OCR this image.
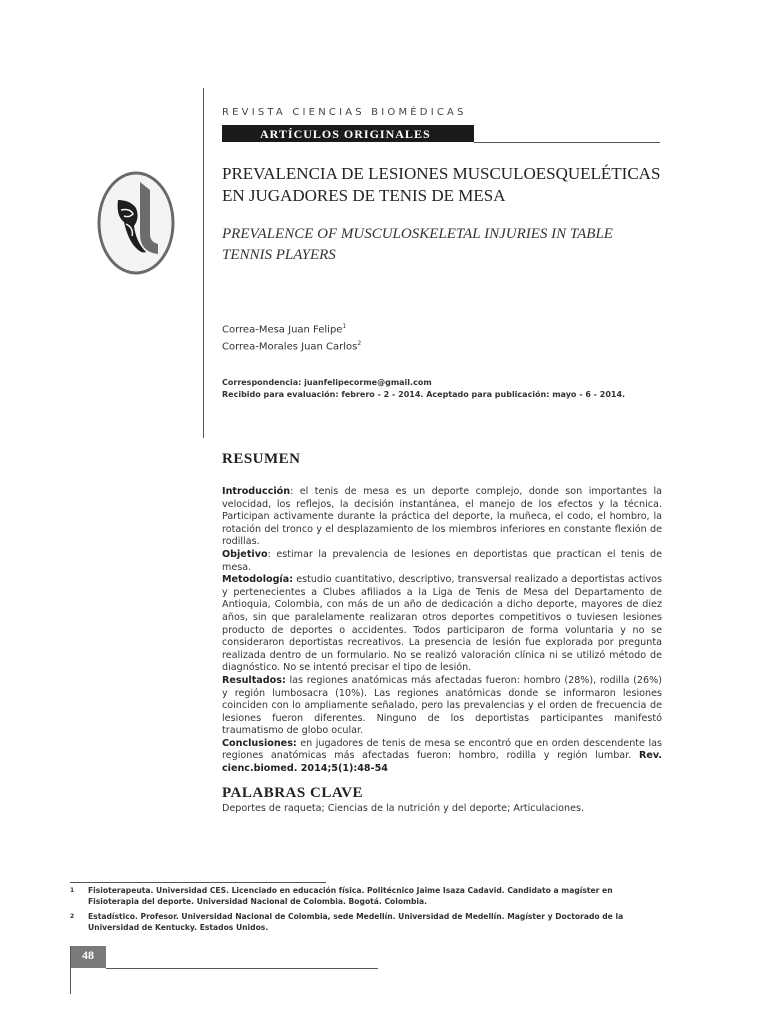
REVISTA CIENCIAS BIOMÉDICAS
ARTÍCULOS ORIGINALES
PREVALENCIA DE LESIONES MUSCULOESQUELÉTICAS
EN JUGADORES DE TENIS DE MESA
PREVALENCE OF MUSCULOSKELETAL INJURIES IN TABLE
TENNIS PLAYERS
Correa-Mesa Juan Felipe$^1$
Correa-Morales Juan Carlos$^2$
Correspondencia: juanfelipecorme@gmail.com
Recibido para evaluación: febrero - 2 - 2014. Aceptado para publicación: mayo - 6 - 2014.
RESUMEN

Introducción: el tenis de mesa es un deporte complejo, donde son importantes la velocidad, los reflejos, la decisión instantánea, el manejo de los efectos y la técnica. Participan activamente durante la práctica del deporte, la muñeca, el codo, el hombro, la rotación del tronco y el desplazamiento de los miembros inferiores en constante flexión de rodillas.

Objetivo: estimar la prevalencia de lesiones en deportistas que practican el tenis de mesa.

Metodología: estudio cuantitativo, descriptivo, transversal realizado a deportistas activos y pertenecientes a Clubes afiliados a la Liga de Tenis de Mesa del Departamento de Antioquia, Colombia, con más de un año de dedicación a dicho deporte, mayores de diez años, sin que paralelamente realizaran otros deportes competitivos o tuviesen lesiones producto de deportes o accidentes. Todos participaron de forma voluntaria y no se consideraron deportistas recreativos. La presencia de lesión fue explorada por pregunta realizada dentro de un formulario. No se realizó valoración clínica ni se utilizó método de diagnóstico. No se intentó precisar el tipo de lesión.

Resultados: las regiones anatómicas más afectadas fueron: hombro (28%), rodilla (26%) y región lumbosacra (10%). Las regiones anatómicas donde se informaron lesiones coinciden con lo ampliamente señalado, pero las prevalencias y el orden de frecuencia de lesiones fueron diferentes. Ninguno de los deportistas participantes manifestó traumatismo de globo ocular.

Conclusiones: en jugadores de tenis de mesa se encontró que en orden descendente las regiones anatómicas más afectadas fueron: hombro, rodilla y región lumbar. Rev. cienc.biomed. 2014;5(1):48-54

PALABRAS CLAVE
Deportes de raqueta; Ciencias de la nutrición y del deporte; Articulaciones.
1 Fisioterapeuta. Universidad CES. Licenciado en educación física. Politécnico Jaime Isaza Cadavid. Candidato a magíster en Fisioterapia del deporte. Universidad Nacional de Colombia. Bogotá. Colombia.
2 Estadístico. Profesor. Universidad Nacional de Colombia, sede Medellín. Universidad de Medellín. Magíster y Doctorado de la Universidad de Kentucky. Estados Unidos.
48
